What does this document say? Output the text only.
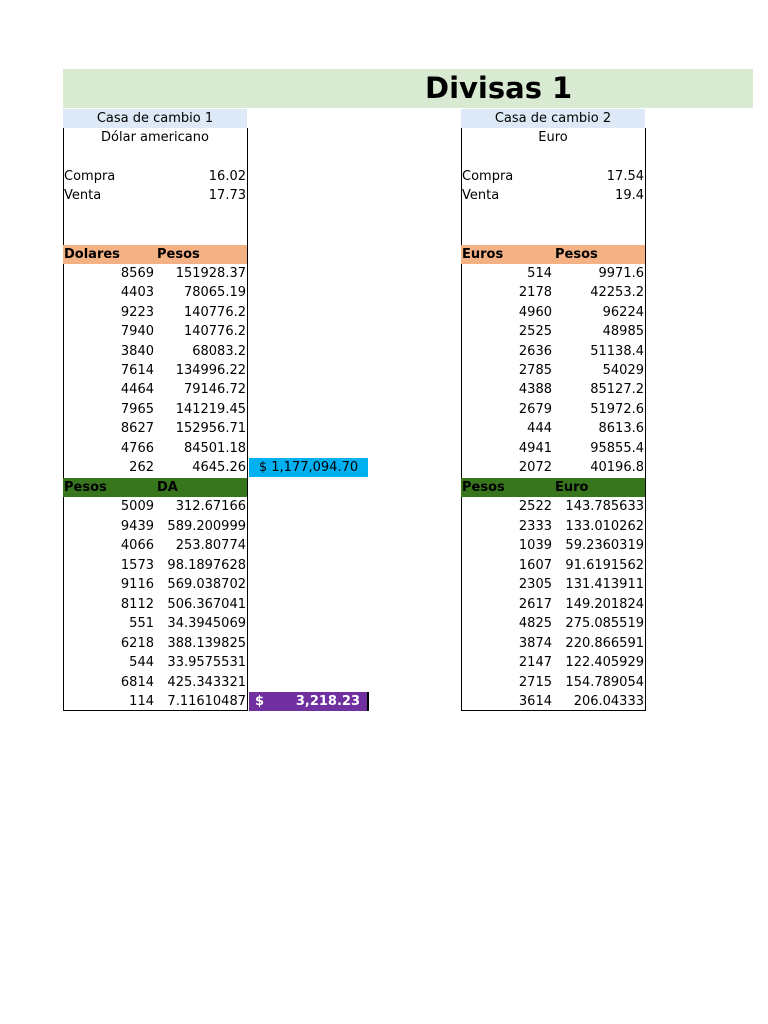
Divisas 1
Casa de cambio 1
Dólar americano
Compra	16.02
Venta	17.73
Dolares	Pesos
8569 151928.37
4403 78065.19
9223 140776.2
7940 140776.2
3840	68083.2
7614 134996.22
4464 79146.72
7965 141219.45
8627 152956.71
4766 84501.18
262	4645.26
Pesos	DA
5009 312.67166
9439 589.200999
4066 253.80774
1573 98.1897628
9116 569.038702
8112 506.367041
551 34.3945069
6218 388.139825
544 33.9575531
6814 425.343321
114 7.11610487
$ 1,177,094.70
$ 3,218.23
Casa de cambio 2
Euro
Compra	17.54
Venta	19.4
Euros	Pesos
514	9971.6
2178	42253.2
4960	96224
2525	48985
2636	51138.4
2785	54029
4388	85127.2
2679	51972.6
444	8613.6
4941	95855.4
2072	40196.8
Pesos	Euro
2522 143.785633
2333 133.010262
1039 59.2360319
1607 91.6191562
2305 131.413911
2617 149.201824
4825 275.085519
3874 220.866591
2147 122.405929
2715 154.789054
3614 206.04333
